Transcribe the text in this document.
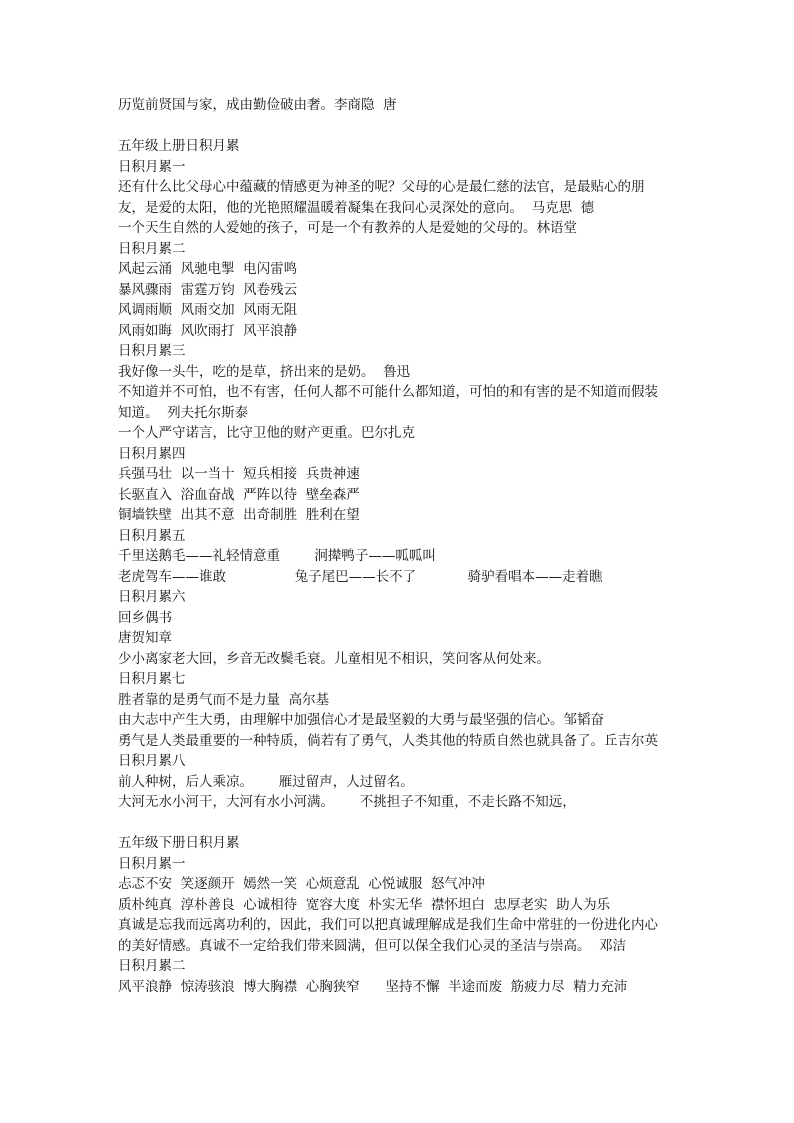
历览前贤国与家，成由勤俭破由奢。李商隐  唐
五年级上册日积月累
日积月累一
还有什么比父母心中蕴藏的情感更为神圣的呢？父母的心是最仁慈的法官，是最贴心的朋
友，是爱的太阳，他的光艳照耀温暖着凝集在我问心灵深处的意向。  马克思  德
一个天生自然的人爱她的孩子，可是一个有教养的人是爱她的父母的。林语堂
日积月累二
风起云涌  风驰电掣  电闪雷鸣
暴风骤雨  雷霆万钧  风卷残云
风调雨顺  风雨交加  风雨无阻
风雨如晦  风吹雨打  风平浪静
日积月累三
我好像一头牛，吃的是草，挤出来的是奶。  鲁迅
不知道并不可怕，也不有害，任何人都不可能什么都知道，可怕的和有害的是不知道而假装
知道。  列夫托尔斯泰
一个人严守诺言，比守卫他的财产更重。巴尔扎克
日积月累四
兵强马壮  以一当十  短兵相接  兵贵神速
长驱直入  浴血奋战  严阵以待  壁垒森严
铜墙铁壁  出其不意  出奇制胜  胜利在望
日积月累五
千里送鹅毛——礼轻情意重        泂撵鸭子——呱呱叫
老虎驾车——谁敢                兔子尾巴——长不了            骑驴看唱本——走着瞧
日积月累六
回乡偶书
唐贺知章
少小离家老大回，乡音无改鬓毛衰。儿童相见不相识，笑问客从何处来。
日积月累七
胜者靠的是勇气而不是力量  高尔基
由大志中产生大勇，由理解中加强信心才是最坚毅的大勇与最坚强的信心。邹韬奋
勇气是人类最重要的一种特质，倘若有了勇气，人类其他的特质自然也就具备了。丘吉尔英
日积月累八
前人种树，后人乘凉。      雁过留声，人过留名。
大河无水小河干，大河有水小河满。      不挑担子不知重，不走长路不知远，
五年级下册日积月累
日积月累一
忐忑不安  笑逐颜开  嫣然一笑  心烦意乱  心悦诚服  怒气冲冲
质朴纯真  淳朴善良  心诚相待  宽容大度  朴实无华  襟怀坦白  忠厚老实  助人为乐
真诚是忘我而远离功利的，因此，我们可以把真诚理解成是我们生命中常驻的一份进化内心
的美好情感。真诚不一定给我们带来圆满，但可以保全我们心灵的圣洁与崇高。  邓洁
日积月累二
风平浪静  惊涛骇浪  博大胸襟  心胸狭窄      坚持不懈  半途而废  筋疲力尽  精力充沛
